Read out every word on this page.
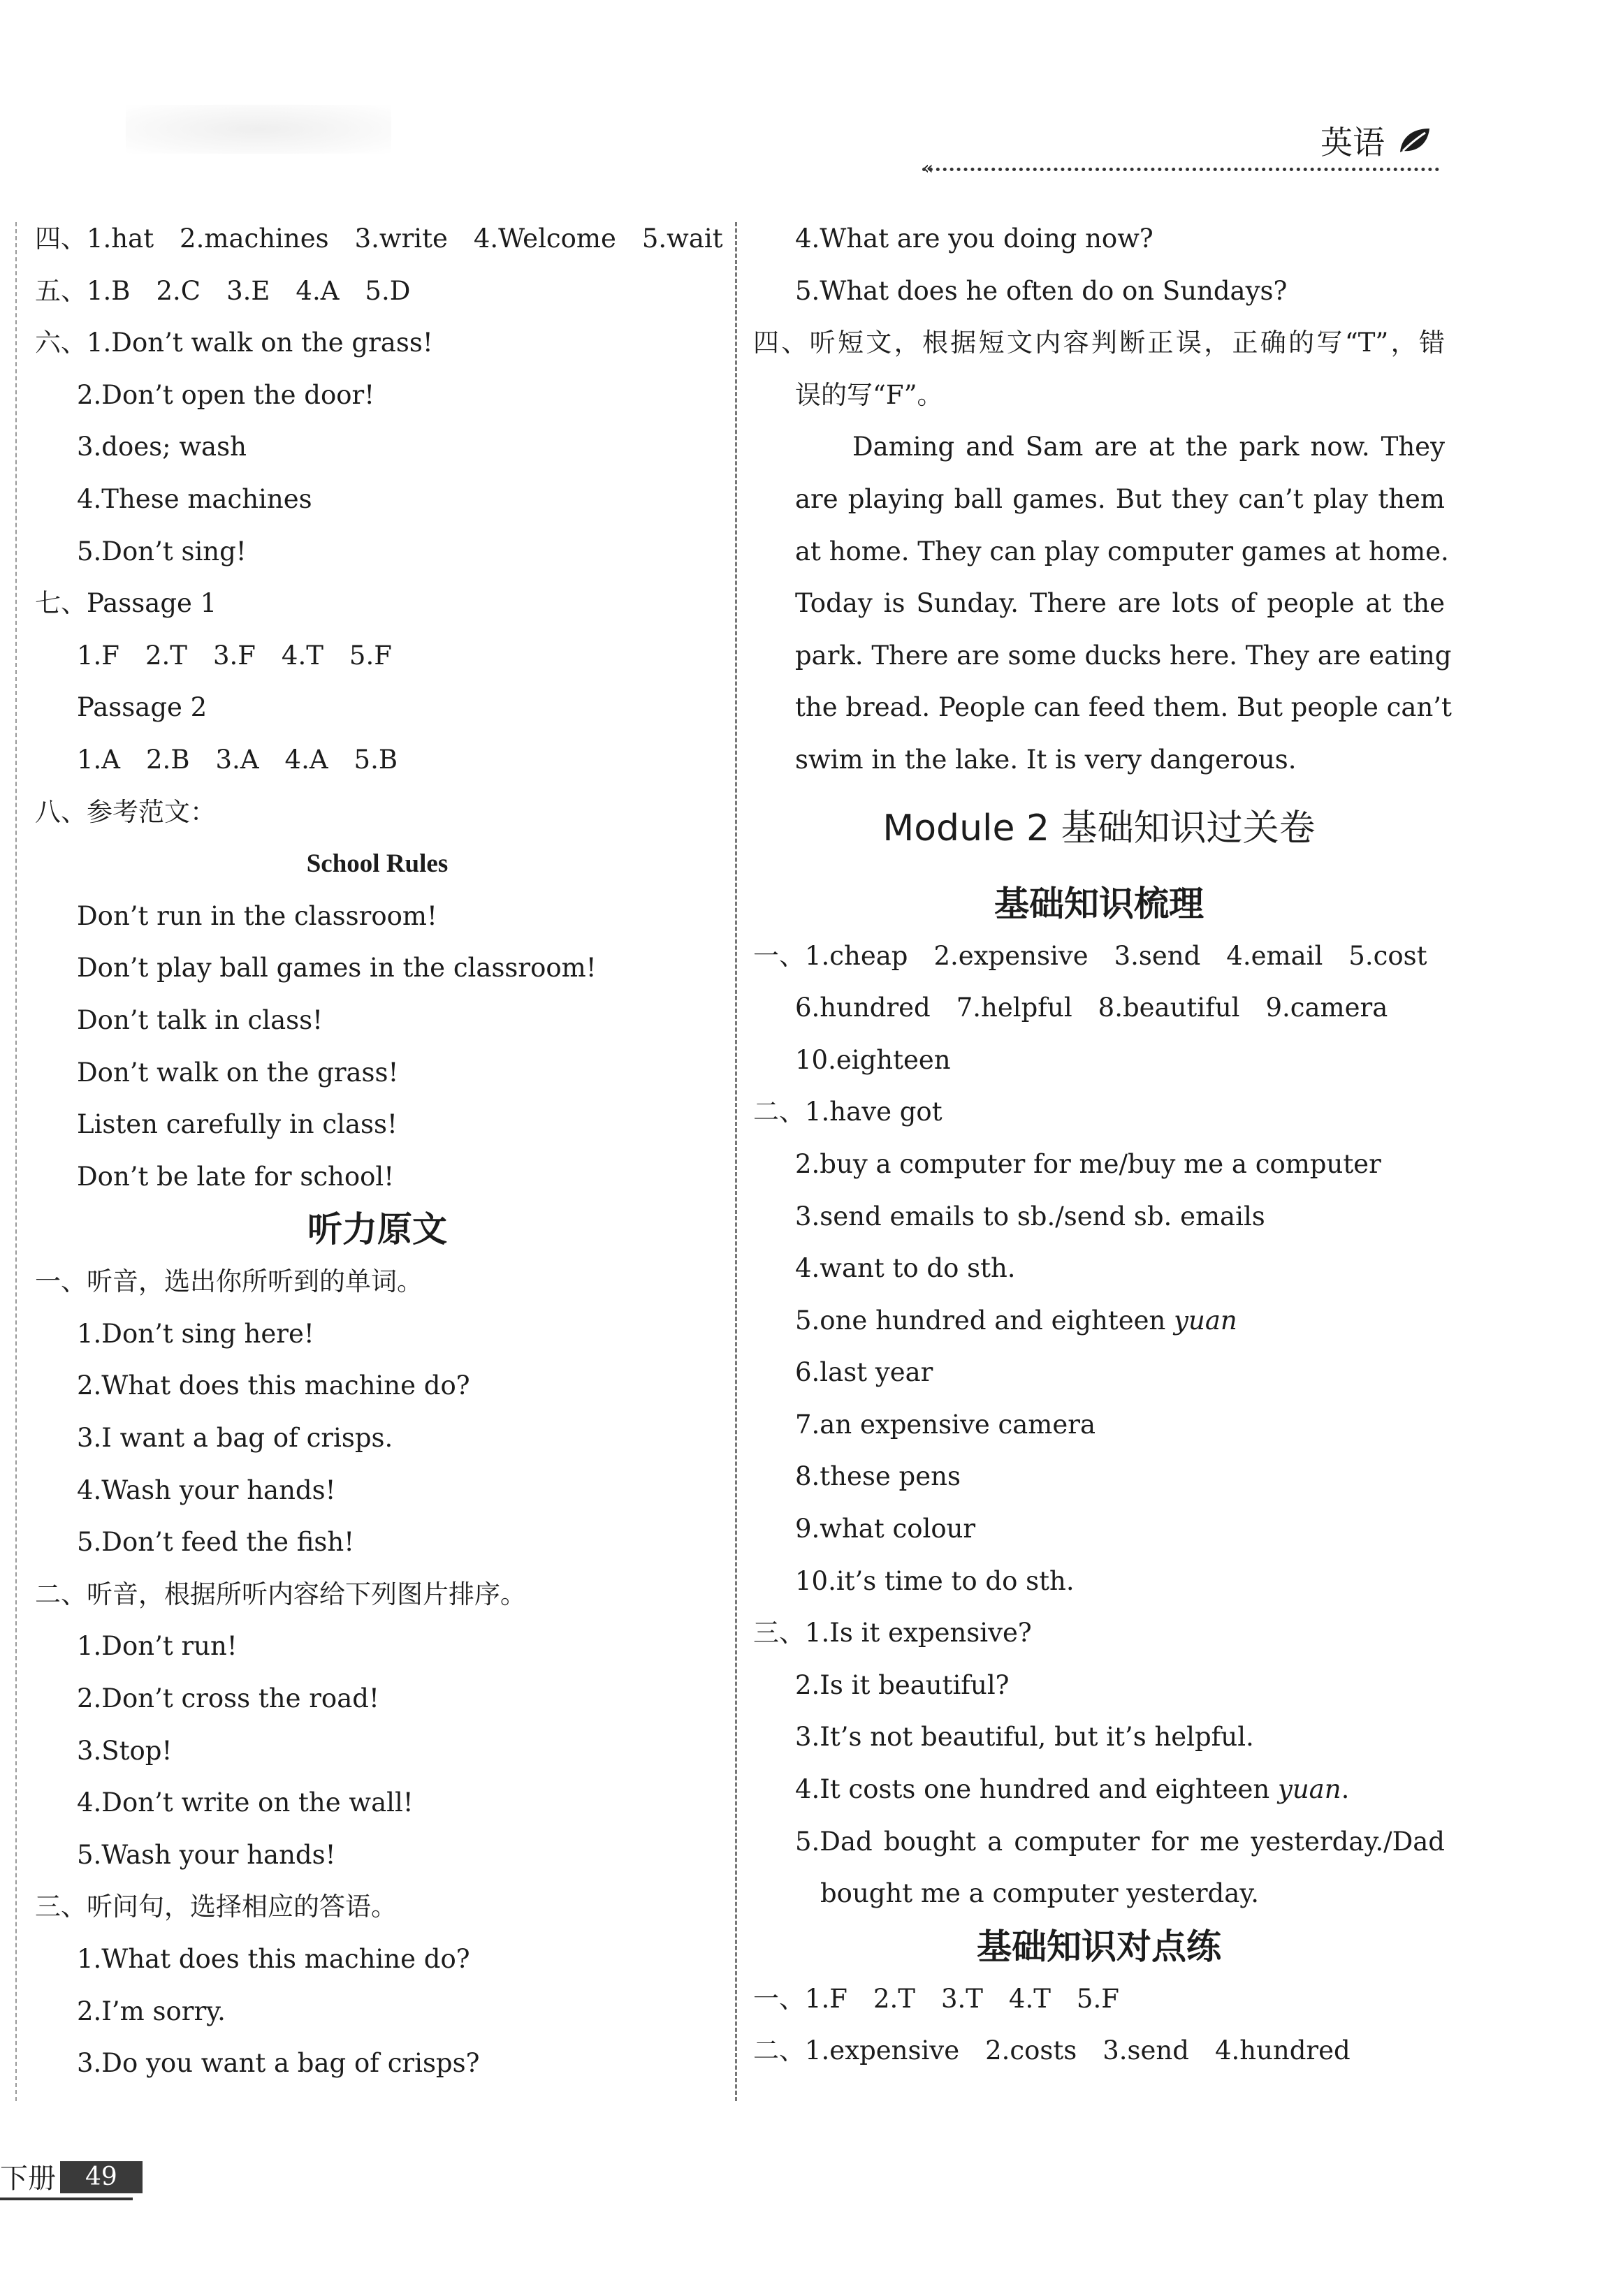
英语
«
四、1.hat　2.machines　3.write　4.Welcome　5.wait
五、1.B　2.C　3.E　4.A　5.D
六、1.Don’t walk on the grass!
2.Don’t open the door!
3.does; wash
4.These machines
5.Don’t sing!
七、Passage 1
1.F　2.T　3.F　4.T　5.F
Passage 2
1.A　2.B　3.A　4.A　5.B
八、参考范文：
School Rules
Don’t run in the classroom!
Don’t play ball games in the classroom!
Don’t talk in class!
Don’t walk on the grass!
Listen carefully in class!
Don’t be late for school!
听力原文
一、听音，选出你所听到的单词。
1.Don’t sing here!
2.What does this machine do?
3.I want a bag of crisps.
4.Wash your hands!
5.Don’t feed the fish!
二、听音，根据所听内容给下列图片排序。
1.Don’t run!
2.Don’t cross the road!
3.Stop!
4.Don’t write on the wall!
5.Wash your hands!
三、听问句，选择相应的答语。
1.What does this machine do?
2.I’m sorry.
3.Do you want a bag of crisps?
4.What are you doing now?
5.What does he often do on Sundays?
四、听短文，根据短文内容判断正误，正确的写“T”，错
误的写“F”。
Daming and Sam are at the park now. They
are playing ball games. But they can’t play them
at home. They can play computer games at home.
Today is Sunday. There are lots of people at the
park. There are some ducks here. They are eating
the bread. People can feed them. But people can’t
swim in the lake. It is very dangerous.
Module 2 基础知识过关卷
基础知识梳理
一、1.cheap　2.expensive　3.send　4.email　5.cost
6.hundred　7.helpful　8.beautiful　9.camera
10.eighteen
二、1.have got
2.buy a computer for me/buy me a computer
3.send emails to sb./send sb. emails
4.want to do sth.
5.one hundred and eighteen yuan
6.last year
7.an expensive camera
8.these pens
9.what colour
10.it’s time to do sth.
三、1.Is it expensive?
2.Is it beautiful?
3.It’s not beautiful, but it’s helpful.
4.It costs one hundred and eighteen yuan.
5.Dad bought a computer for me yesterday./Dad
bought me a computer yesterday.
基础知识对点练
一、1.F　2.T　3.T　4.T　5.F
二、1.expensive　2.costs　3.send　4.hundred
下册 49
